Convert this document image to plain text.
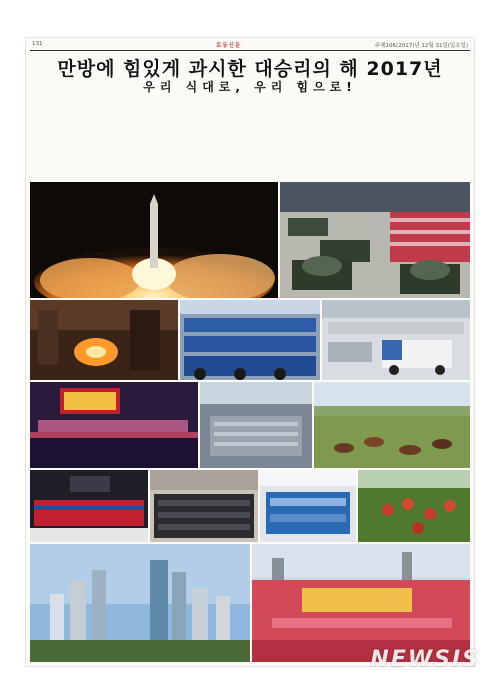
131	로동신문	주체106(2017)년 12월 31일(일요일)
만방에 힘있게 과시한 대승리의 해 2017년
우리 식대로, 우리 힘으로!
NEWSIS
